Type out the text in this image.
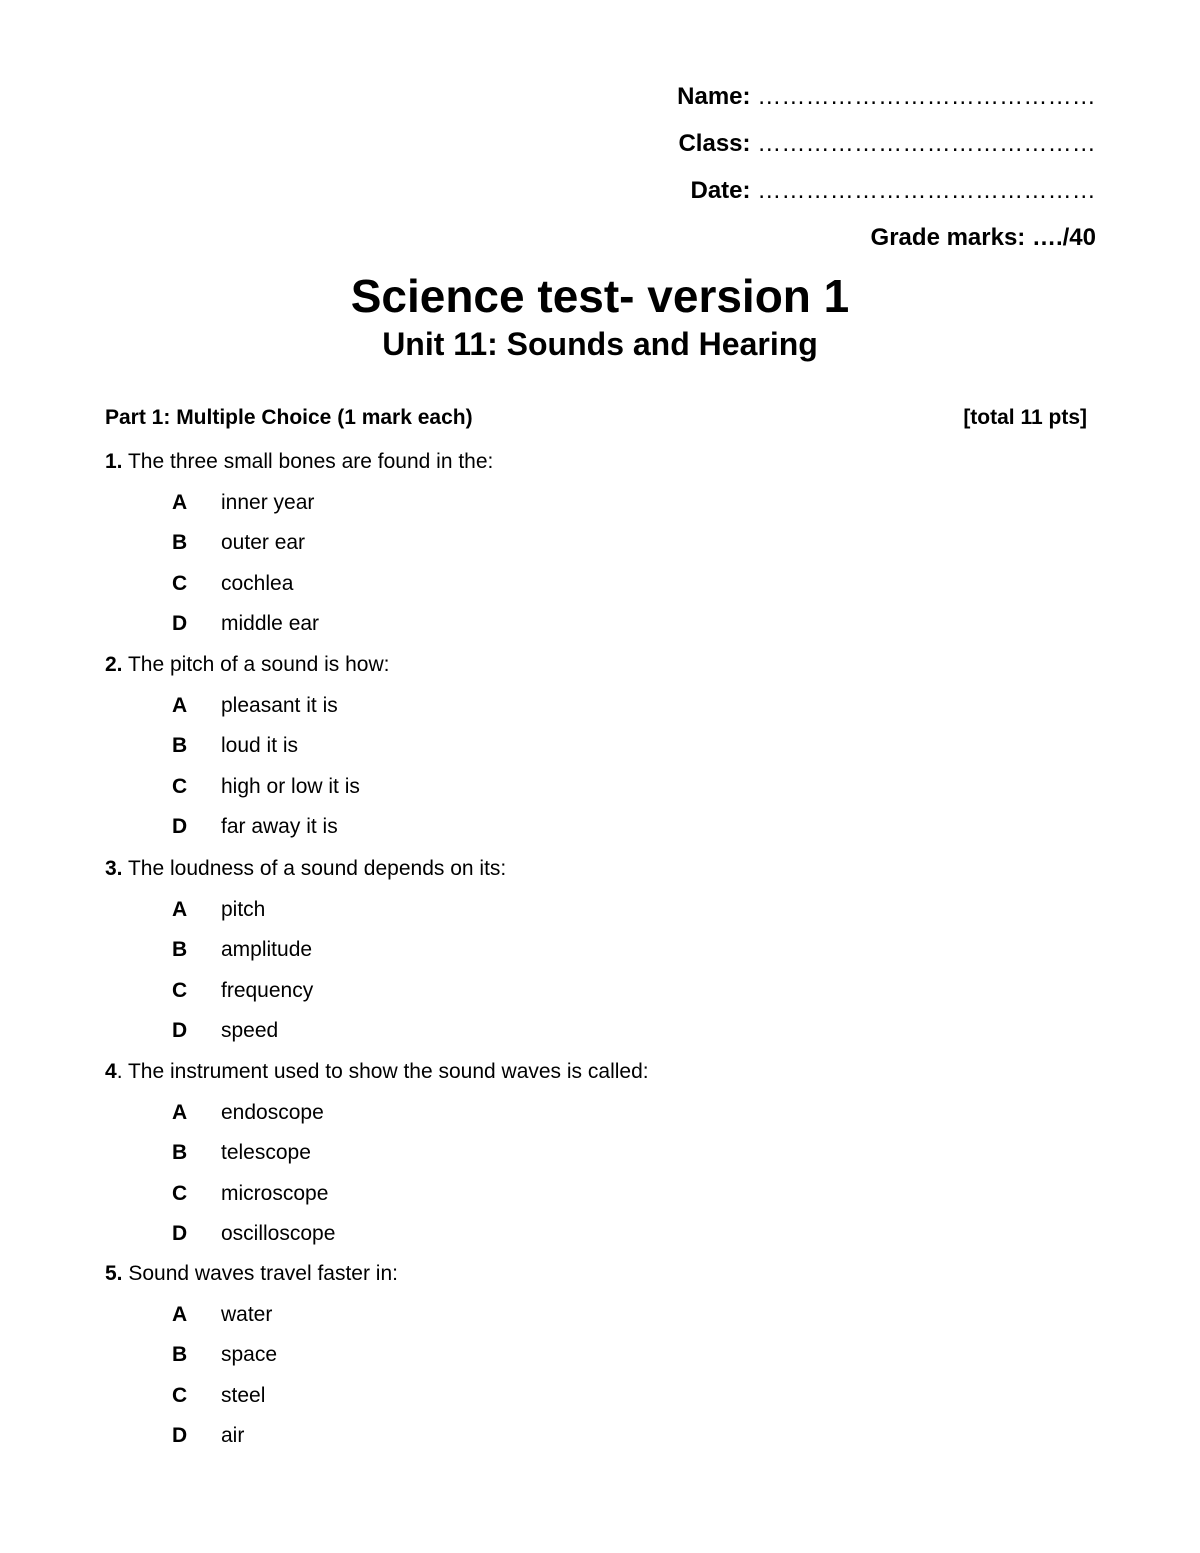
Name: ……………………………………
Class: ……………………………………
Date: ……………………………………
Grade marks: …./40
Science test- version 1
Unit 11: Sounds and Hearing
Part 1: Multiple Choice (1 mark each)	[total 11 pts]
1. The three small bones are found in the:
A inner year
B outer ear
C cochlea
D middle ear
2. The pitch of a sound is how:
A pleasant it is
B loud it is
C high or low it is
D far away it is
3. The loudness of a sound depends on its:
A pitch
B amplitude
C frequency
D speed
4. The instrument used to show the sound waves is called:
A endoscope
B telescope
C microscope
D oscilloscope
5. Sound waves travel faster in:
A water
B space
C steel
D air
